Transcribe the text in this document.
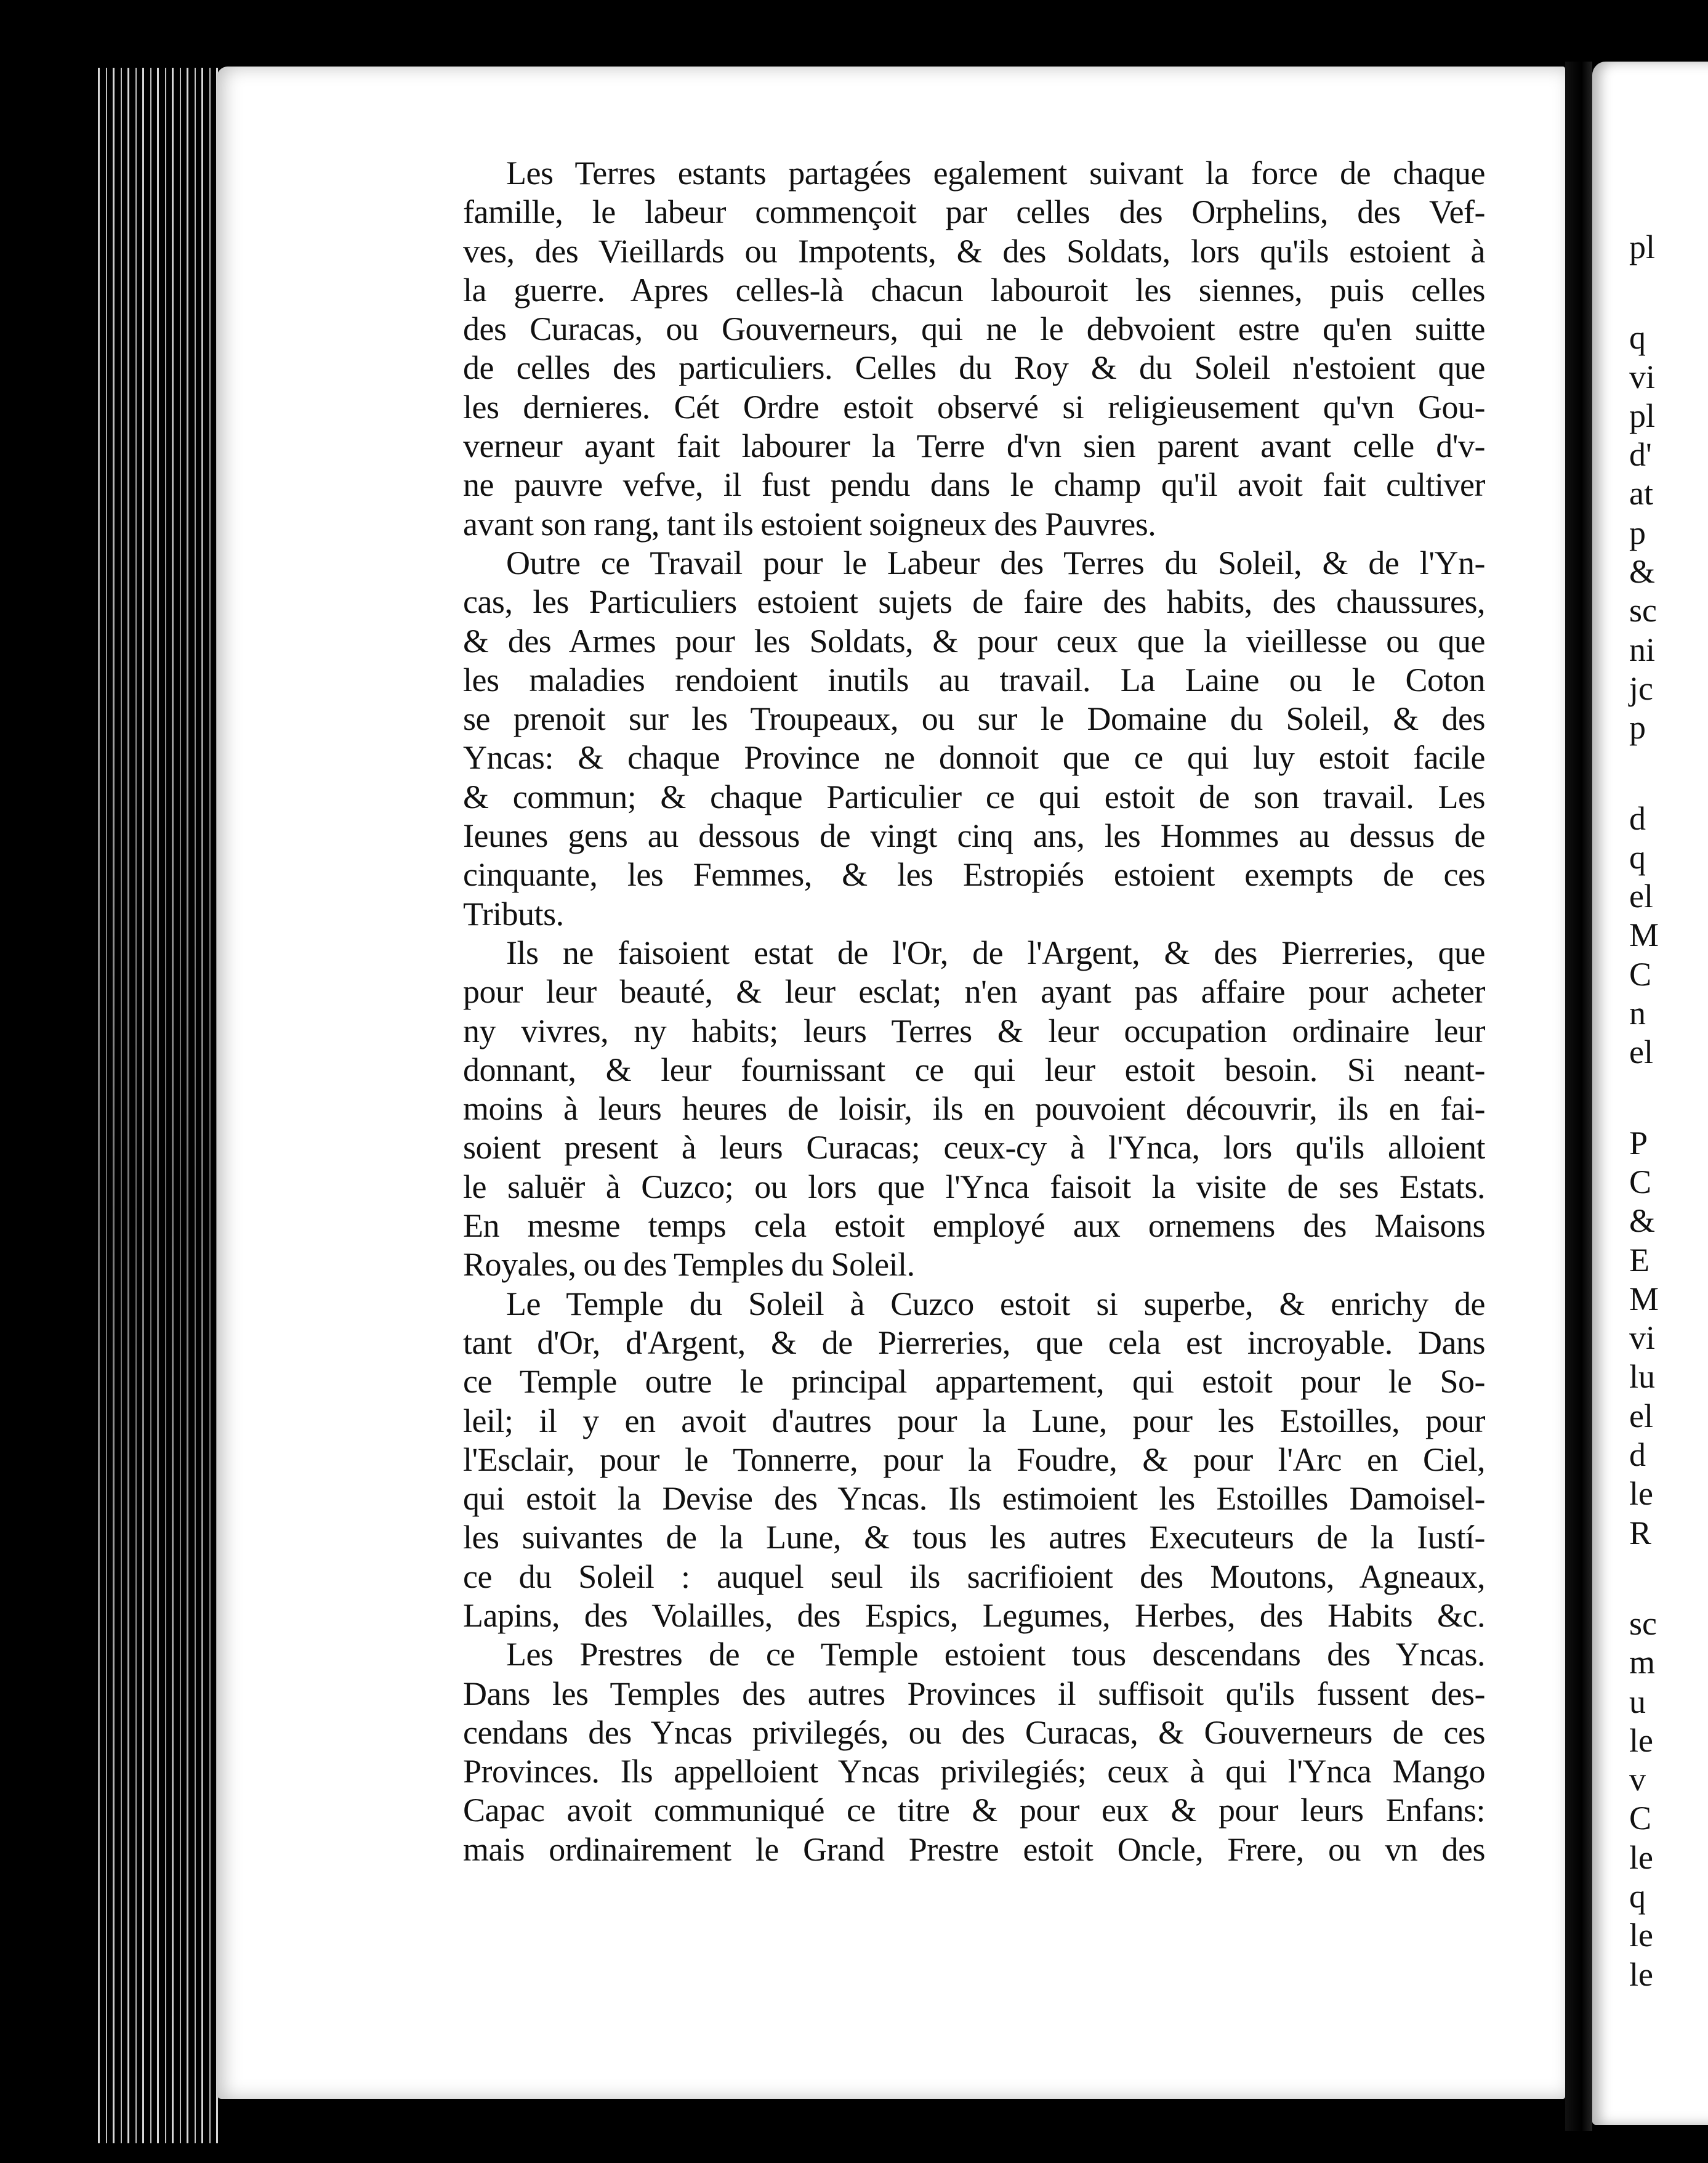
Les Terres estants partagées egalement suivant la force de chaque
famille, le labeur commençoit par celles des Orphelins, des Vef-
ves, des Vieillards ou Impotents, & des Soldats, lors qu'ils estoient à
la guerre. Apres celles-là chacun labouroit les siennes, puis celles
des Curacas, ou Gouverneurs, qui ne le debvoient estre qu'en suitte
de celles des particuliers. Celles du Roy & du Soleil n'estoient que
les dernieres. Cét Ordre estoit observé si religieusement qu'vn Gou-
verneur ayant fait labourer la Terre d'vn sien parent avant celle d'v-
ne pauvre vefve, il fust pendu dans le champ qu'il avoit fait cultiver
avant son rang, tant ils estoient soigneux des Pauvres.
Outre ce Travail pour le Labeur des Terres du Soleil, & de l'Yn-
cas, les Particuliers estoient sujets de faire des habits, des chaussures,
& des Armes pour les Soldats, & pour ceux que la vieillesse ou que
les maladies rendoient inutils au travail. La Laine ou le Coton
se prenoit sur les Troupeaux, ou sur le Domaine du Soleil, & des
Yncas: & chaque Province ne donnoit que ce qui luy estoit facile
& commun; & chaque Particulier ce qui estoit de son travail. Les
Ieunes gens au dessous de vingt cinq ans, les Hommes au dessus de
cinquante, les Femmes, & les Estropiés estoient exempts de ces
Tributs.
Ils ne faisoient estat de l'Or, de l'Argent, & des Pierreries, que
pour leur beauté, & leur esclat; n'en ayant pas affaire pour acheter
ny vivres, ny habits; leurs Terres & leur occupation ordinaire leur
donnant, & leur fournissant ce qui leur estoit besoin. Si neant-
moins à leurs heures de loisir, ils en pouvoient découvrir, ils en fai-
soient present à leurs Curacas; ceux-cy à l'Ynca, lors qu'ils alloient
le saluër à Cuzco; ou lors que l'Ynca faisoit la visite de ses Estats.
En mesme temps cela estoit employé aux ornemens des Maisons
Royales, ou des Temples du Soleil.
Le Temple du Soleil à Cuzco estoit si superbe, & enrichy de
tant d'Or, d'Argent, & de Pierreries, que cela est incroyable. Dans
ce Temple outre le principal appartement, qui estoit pour le So-
leil; il y en avoit d'autres pour la Lune, pour les Estoilles, pour
l'Esclair, pour le Tonnerre, pour la Foudre, & pour l'Arc en Ciel,
qui estoit la Devise des Yncas. Ils estimoient les Estoilles Damoisel-
les suivantes de la Lune, & tous les autres Executeurs de la Iustí-
ce du Soleil : auquel seul ils sacrifioient des Moutons, Agneaux,
Lapins, des Volailles, des Espics, Legumes, Herbes, des Habits &c.
Les Prestres de ce Temple estoient tous descendans des Yncas.
Dans les Temples des autres Provinces il suffisoit qu'ils fussent des-
cendans des Yncas privilegés, ou des Curacas, & Gouverneurs de ces
Provinces. Ils appelloient Yncas privilegiés; ceux à qui l'Ynca Mango
Capac avoit communiqué ce titre & pour eux & pour leurs Enfans:
mais ordinairement le Grand Prestre estoit Oncle, Frere, ou vn des
pl
q
vi
pl
d'
at
p
&
sc
ni
jc
p
d
q
el
M
C
n
el
P
C
&
E
M
vi
lu
el
d
le
R
sc
m
u
le
v
C
le
q
le
le
